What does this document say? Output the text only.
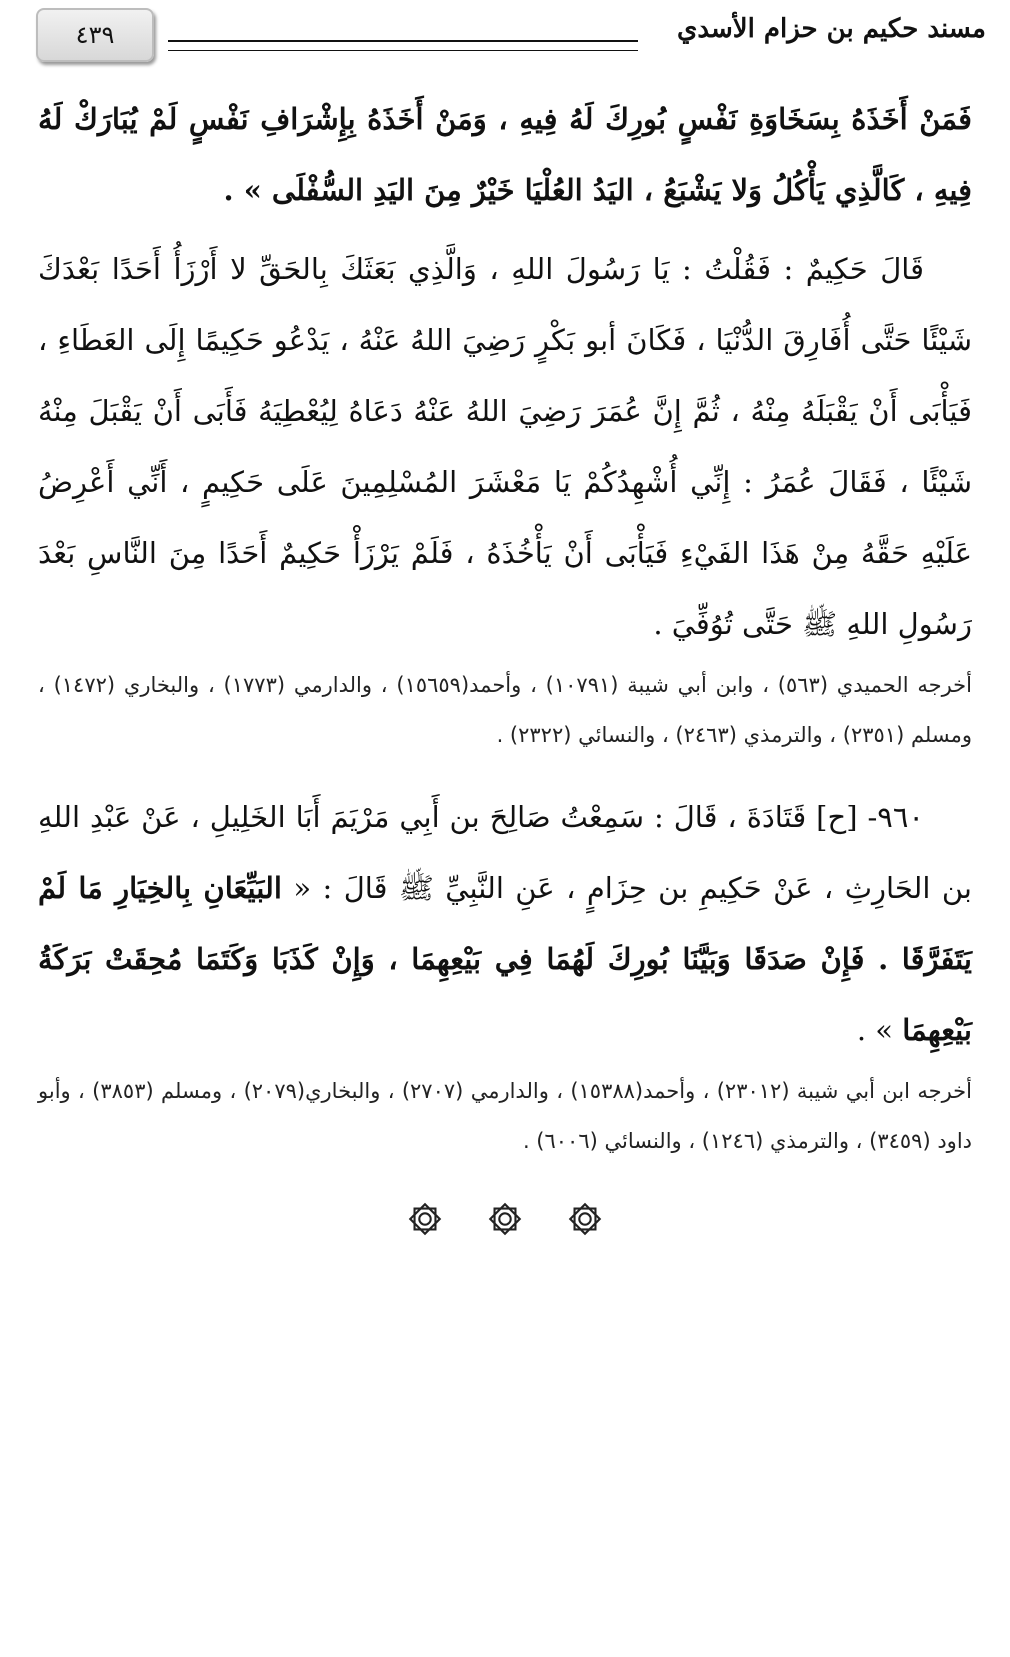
٤٣٩	مسند حكيم بن حزام الأسدي

فَمَنْ أَخَذَهُ بِسَخَاوَةِ نَفْسٍ بُورِكَ لَهُ فِيهِ ، وَمَنْ أَخَذَهُ بِإِشْرَافِ نَفْسٍ لَمْ يُبَارَكْ لَهُ فِيهِ ، كَالَّذِي يَأْكُلُ وَلا يَشْبَعُ ، اليَدُ العُلْيَا خَيْرٌ مِنَ اليَدِ السُّفْلَى » .

قَالَ حَكِيمٌ : فَقُلْتُ : يَا رَسُولَ اللهِ ، وَالَّذِي بَعَثَكَ بِالحَقِّ لا أَرْزَأُ أَحَدًا بَعْدَكَ شَيْئًا حَتَّى أُفَارِقَ الدُّنْيَا ، فَكَانَ أبو بَكْرٍ رَضِيَ اللهُ عَنْهُ ، يَدْعُو حَكِيمًا إِلَى العَطَاءِ ، فَيَأْبَى أَنْ يَقْبَلَهُ مِنْهُ ، ثُمَّ إِنَّ عُمَرَ رَضِيَ اللهُ عَنْهُ دَعَاهُ لِيُعْطِيَهُ فَأَبَى أَنْ يَقْبَلَ مِنْهُ شَيْئًا ، فَقَالَ عُمَرُ : إِنِّي أُشْهِدُكُمْ يَا مَعْشَرَ المُسْلِمِينَ عَلَى حَكِيمٍ ، أَنِّي أَعْرِضُ عَلَيْهِ حَقَّهُ مِنْ هَذَا الفَيْءِ فَيَأْبَى أَنْ يَأْخُذَهُ ، فَلَمْ يَرْزَأْ حَكِيمٌ أَحَدًا مِنَ النَّاسِ بَعْدَ رَسُولِ اللهِ ﷺ حَتَّى تُوُفِّيَ .

أخرجه الحميدي (٥٦٣) ، وابن أبي شيبة (١٠٧٩١) ، وأحمد(١٥٦٥٩) ، والدارمي (١٧٧٣) ، والبخاري (١٤٧٢) ، ومسلم (٢٣٥١) ، والترمذي (٢٤٦٣) ، والنسائي (٢٣٢٢) .

٩٦٠- [ح] قَتَادَةَ ، قَالَ : سَمِعْتُ صَالِحَ بن أَبِي مَرْيَمَ أَبَا الخَلِيلِ ، عَنْ عَبْدِ اللهِ بن الحَارِثِ ، عَنْ حَكِيمِ بن حِزَامٍ ، عَنِ النَّبِيِّ ﷺ قَالَ : « البَيِّعَانِ بِالخِيَارِ مَا لَمْ يَتَفَرَّقَا . فَإِنْ صَدَقَا وَبَيَّنَا بُورِكَ لَهُمَا فِي بَيْعِهِمَا ، وَإِنْ كَذَبَا وَكَتَمَا مُحِقَتْ بَرَكَةُ بَيْعِهِمَا » .

أخرجه ابن أبي شيبة (٢٣٠١٢) ، وأحمد(١٥٣٨٨) ، والدارمي (٢٧٠٧) ، والبخاري(٢٠٧٩) ، ومسلم (٣٨٥٣) ، وأبو داود (٣٤٥٩) ، والترمذي (١٢٤٦) ، والنسائي (٦٠٠٦) .
